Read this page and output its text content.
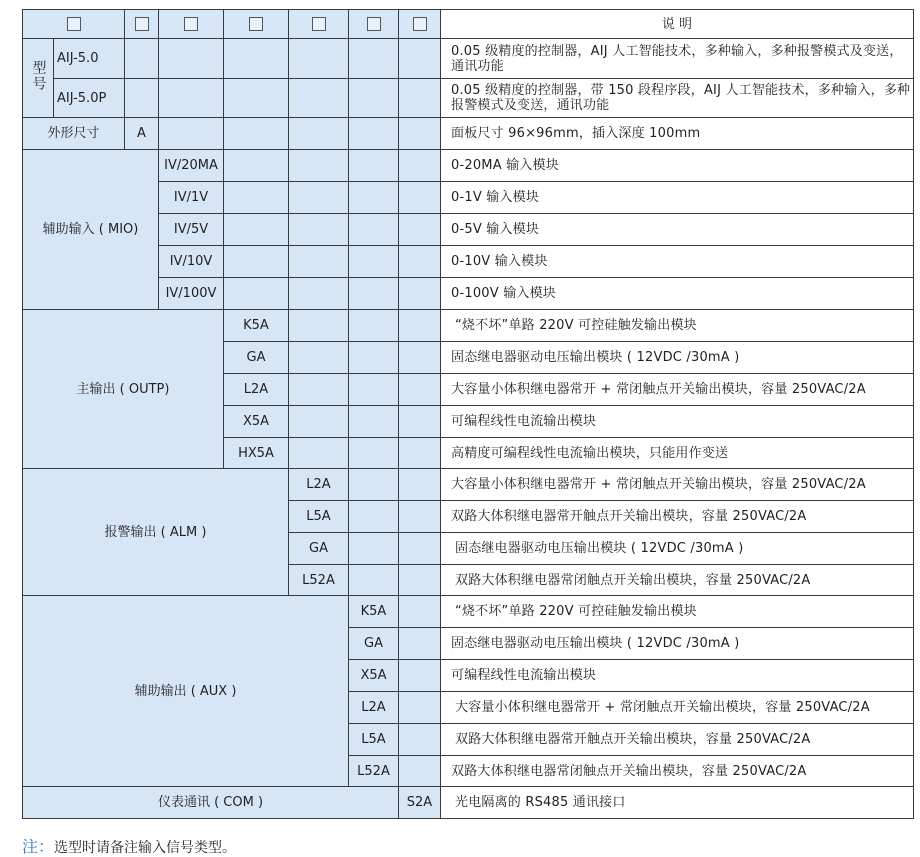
								说 明
型号	AIJ-5.0							0.05 级精度的控制器，AIJ 人工智能技术，多种输入，多种报警模式及变送，通讯功能
	AIJ-5.0P							0.05 级精度的控制器，带 150 段程序段，AIJ 人工智能技术，多种输入，多种报警模式及变送，通讯功能
外形尺寸		A						面板尺寸 96×96mm，插入深度 100mm
辅助输入 ( MIO)			IV/20MA					0-20MA 输入模块
			IV/1V					0-1V 输入模块
			IV/5V					0-5V 输入模块
			IV/10V					0-10V 输入模块
			IV/100V					0-100V 输入模块
主输出 ( OUTP)				K5A				“烧不坏”单路 220V 可控硅触发输出模块
				GA				固态继电器驱动电压输出模块 ( 12VDC /30mA )
				L2A				大容量小体积继电器常开 + 常闭触点开关输出模块，容量 250VAC/2A
				X5A				可编程线性电流输出模块
				HX5A				高精度可编程线性电流输出模块，只能用作变送
报警输出 ( ALM )					L2A			大容量小体积继电器常开 + 常闭触点开关输出模块，容量 250VAC/2A
					L5A			双路大体积继电器常开触点开关输出模块，容量 250VAC/2A
					GA			固态继电器驱动电压输出模块 ( 12VDC /30mA )
					L52A			双路大体积继电器常闭触点开关输出模块，容量 250VAC/2A
辅助输出 ( AUX )						K5A		“烧不坏”单路 220V 可控硅触发输出模块
						GA		固态继电器驱动电压输出模块 ( 12VDC /30mA )
						X5A		可编程线性电流输出模块
						L2A		大容量小体积继电器常开 + 常闭触点开关输出模块，容量 250VAC/2A
						L5A		双路大体积继电器常开触点开关输出模块，容量 250VAC/2A
						L52A		双路大体积继电器常闭触点开关输出模块，容量 250VAC/2A
仪表通讯 ( COM )							S2A	光电隔离的 RS485 通讯接口
注：选型时请备注输入信号类型。
